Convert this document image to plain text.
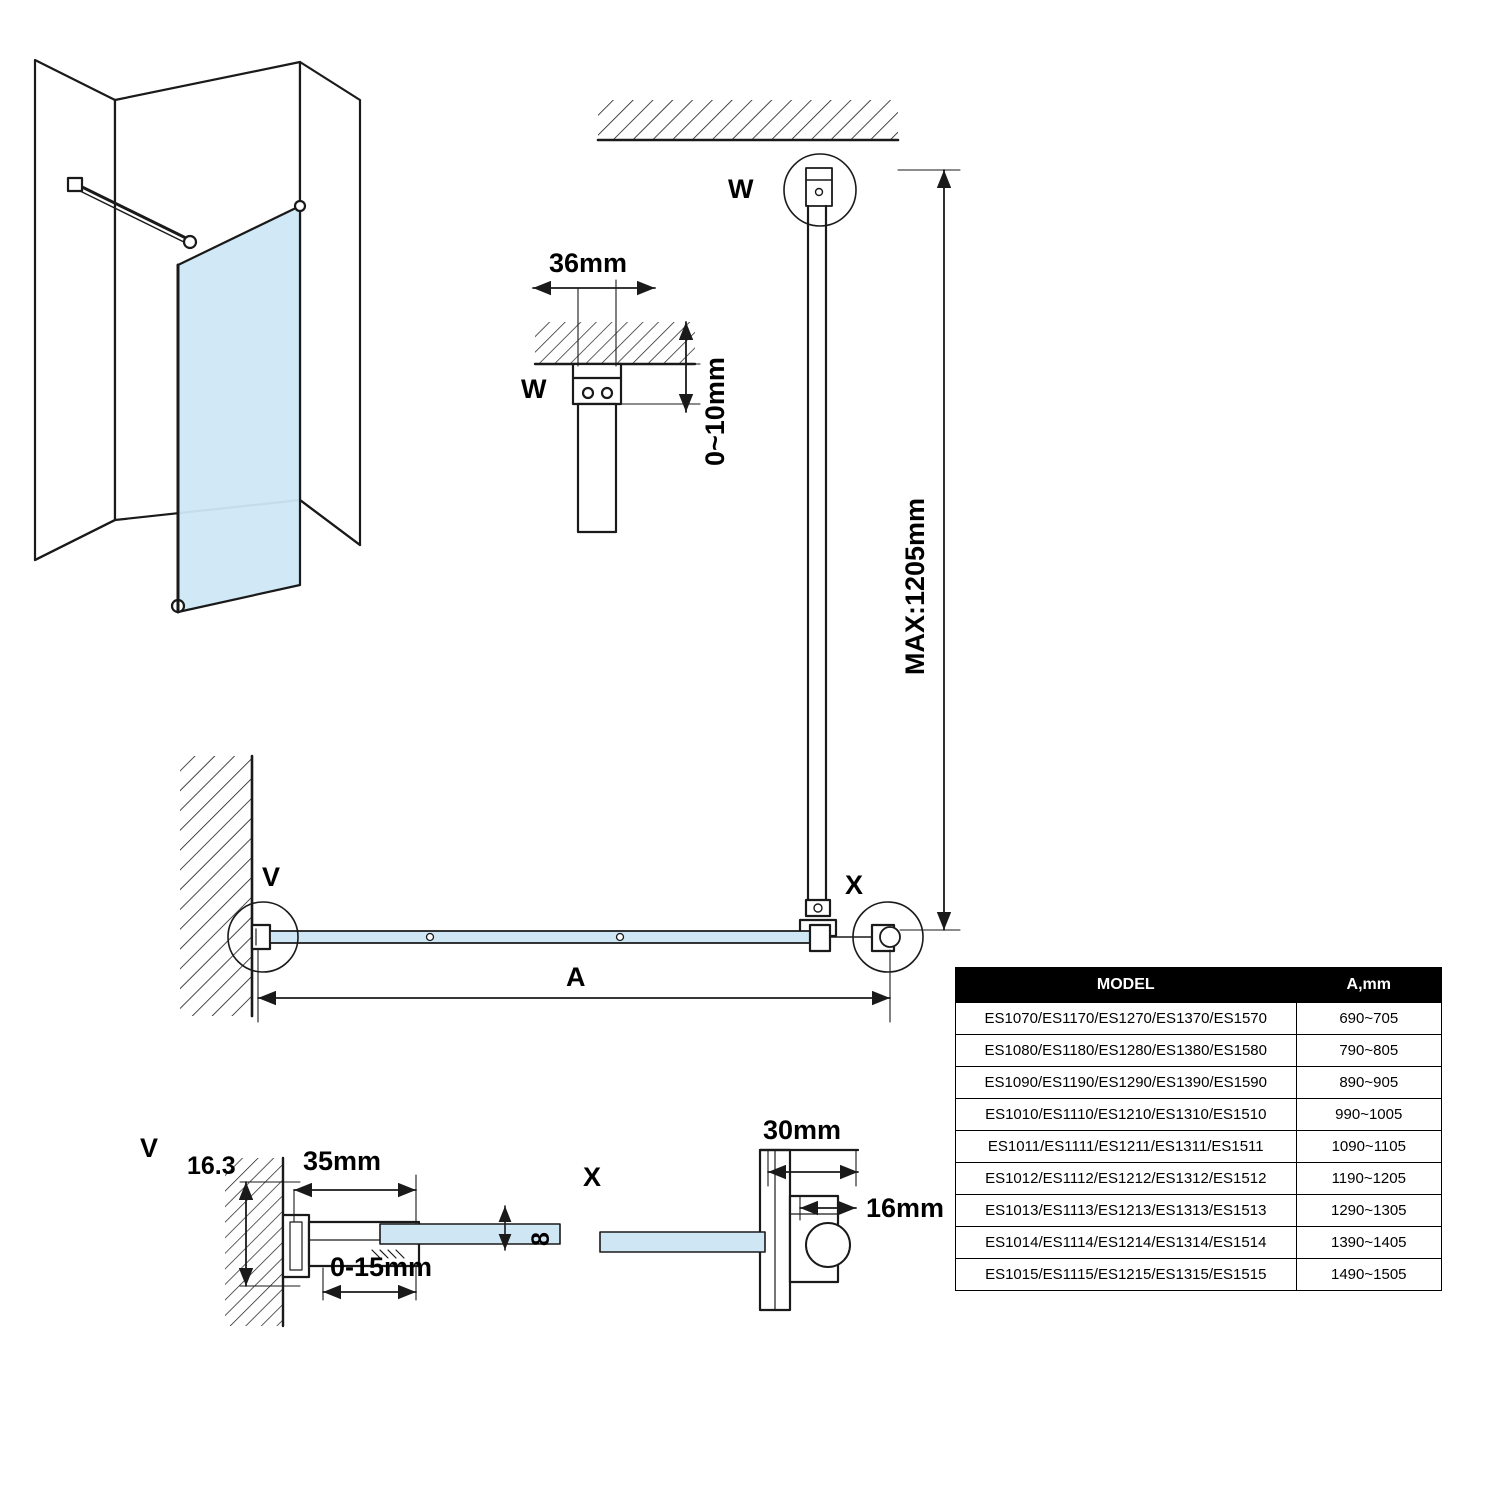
W
W
36mm
0~10mm
MAX:1205mm
V	X
A
V
16.3 35mm
0-15mm
8
X
30mm
16mm
MODEL	A,mm
ES1070/ES1170/ES1270/ES1370/ES1570	690~705
ES1080/ES1180/ES1280/ES1380/ES1580	790~805
ES1090/ES1190/ES1290/ES1390/ES1590	890~905
ES1010/ES1110/ES1210/ES1310/ES1510	990~1005
ES1011/ES1111/ES1211/ES1311/ES1511	1090~1105
ES1012/ES1112/ES1212/ES1312/ES1512	1190~1205
ES1013/ES1113/ES1213/ES1313/ES1513	1290~1305
ES1014/ES1114/ES1214/ES1314/ES1514	1390~1405
ES1015/ES1115/ES1215/ES1315/ES1515	1490~1505
